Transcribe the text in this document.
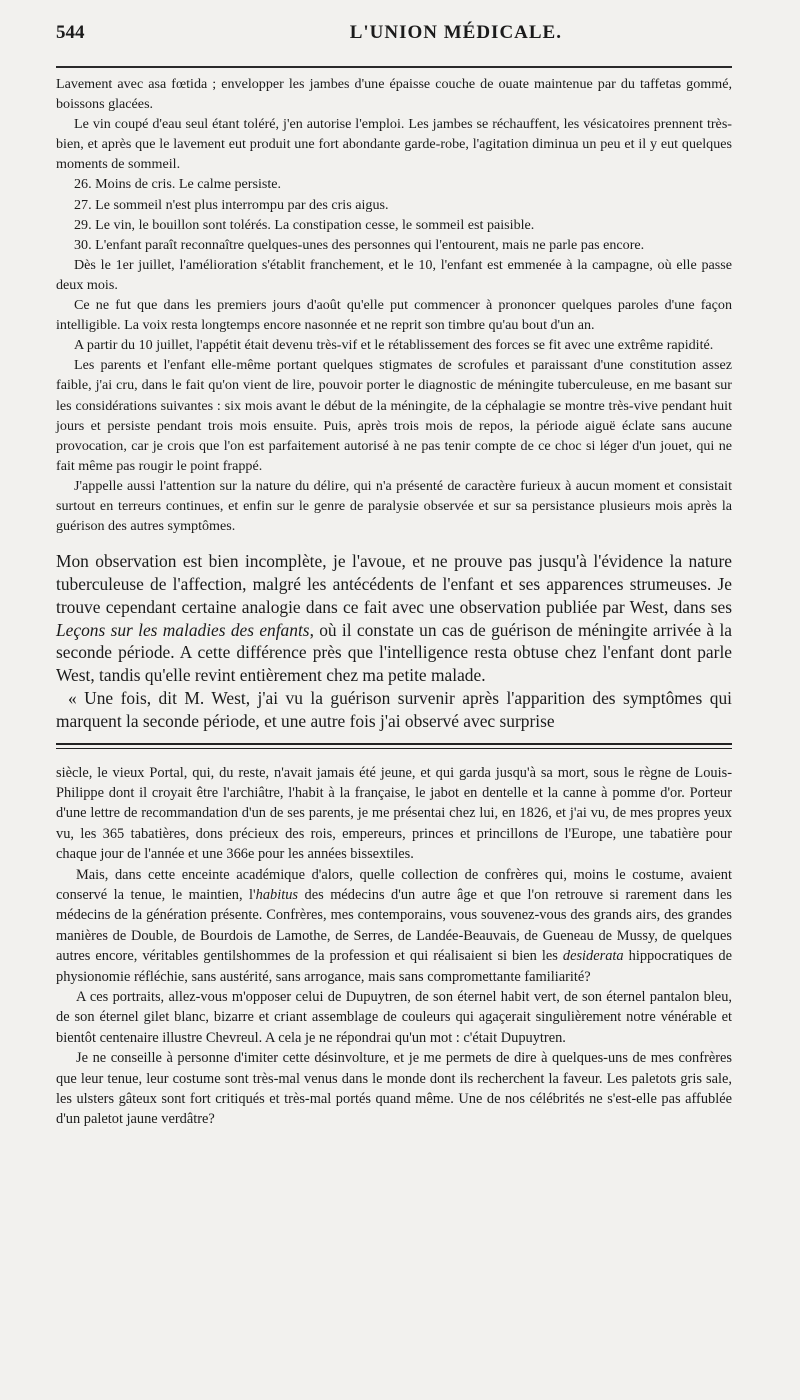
544	L'UNION MÉDICALE.

Lavement avec asa fœtida ; envelopper les jambes d'une épaisse couche de ouate maintenue par du taffetas gommé, boissons glacées.

Le vin coupé d'eau seul étant toléré, j'en autorise l'emploi. Les jambes se réchauffent, les vésicatoires prennent très-bien, et après que le lavement eut produit une fort abondante garde-robe, l'agitation diminua un peu et il y eut quelques moments de sommeil.

26. Moins de cris. Le calme persiste.

27. Le sommeil n'est plus interrompu par des cris aigus.

29. Le vin, le bouillon sont tolérés. La constipation cesse, le sommeil est paisible.

30. L'enfant paraît reconnaître quelques-unes des personnes qui l'entourent, mais ne parle pas encore.

Dès le 1er juillet, l'amélioration s'établit franchement, et le 10, l'enfant est emmenée à la campagne, où elle passe deux mois.

Ce ne fut que dans les premiers jours d'août qu'elle put commencer à prononcer quelques paroles d'une façon intelligible. La voix resta longtemps encore nasonnée et ne reprit son timbre qu'au bout d'un an.

A partir du 10 juillet, l'appétit était devenu très-vif et le rétablissement des forces se fit avec une extrême rapidité.

Les parents et l'enfant elle-même portant quelques stigmates de scrofules et paraissant d'une constitution assez faible, j'ai cru, dans le fait qu'on vient de lire, pouvoir porter le diagnostic de méningite tuberculeuse, en me basant sur les considérations suivantes : six mois avant le début de la méningite, de la céphalagie se montre très-vive pendant huit jours et persiste pendant trois mois ensuite. Puis, après trois mois de repos, la période aiguë éclate sans aucune provocation, car je crois que l'on est parfaitement autorisé à ne pas tenir compte de ce choc si léger d'un jouet, qui ne fait même pas rougir le point frappé.

J'appelle aussi l'attention sur la nature du délire, qui n'a présenté de caractère furieux à aucun moment et consistait surtout en terreurs continues, et enfin sur le genre de paralysie observée et sur sa persistance plusieurs mois après la guérison des autres symptômes.

Mon observation est bien incomplète, je l'avoue, et ne prouve pas jusqu'à l'évidence la nature tuberculeuse de l'affection, malgré les antécédents de l'enfant et ses apparences strumeuses. Je trouve cependant certaine analogie dans ce fait avec une observation publiée par West, dans ses Leçons sur les maladies des enfants, où il constate un cas de guérison de méningite arrivée à la seconde période. A cette différence près que l'intelligence resta obtuse chez l'enfant dont parle West, tandis qu'elle revint entièrement chez ma petite malade.

« Une fois, dit M. West, j'ai vu la guérison survenir après l'apparition des symptômes qui marquent la seconde période, et une autre fois j'ai observé avec surprise

siècle, le vieux Portal, qui, du reste, n'avait jamais été jeune, et qui garda jusqu'à sa mort, sous le règne de Louis-Philippe dont il croyait être l'archiâtre, l'habit à la française, le jabot en dentelle et la canne à pomme d'or. Porteur d'une lettre de recommandation d'un de ses parents, je me présentai chez lui, en 1826, et j'ai vu, de mes propres yeux vu, les 365 tabatières, dons précieux des rois, empereurs, princes et princillons de l'Europe, une tabatière pour chaque jour de l'année et une 366e pour les années bissextiles.

Mais, dans cette enceinte académique d'alors, quelle collection de confrères qui, moins le costume, avaient conservé la tenue, le maintien, l'habitus des médecins d'un autre âge et que l'on retrouve si rarement dans les médecins de la génération présente. Confrères, mes contemporains, vous souvenez-vous des grands airs, des grandes manières de Double, de Bourdois de Lamothe, de Serres, de Landée-Beauvais, de Gueneau de Mussy, de quelques autres encore, véritables gentilshommes de la profession et qui réalisaient si bien les desiderata hippocratiques de physionomie réfléchie, sans austérité, sans arrogance, mais sans compromettante familiarité?

A ces portraits, allez-vous m'opposer celui de Dupuytren, de son éternel habit vert, de son éternel pantalon bleu, de son éternel gilet blanc, bizarre et criant assemblage de couleurs qui agaçerait singulièrement notre vénérable et bientôt centenaire illustre Chevreul. A cela je ne répondrai qu'un mot : c'était Dupuytren.

Je ne conseille à personne d'imiter cette désinvolture, et je me permets de dire à quelques-uns de mes confrères que leur tenue, leur costume sont très-mal venus dans le monde dont ils recherchent la faveur. Les paletots gris sale, les ulsters gâteux sont fort critiqués et très-mal portés quand même. Une de nos célébrités ne s'est-elle pas affublée d'un paletot jaune verdâtre?
